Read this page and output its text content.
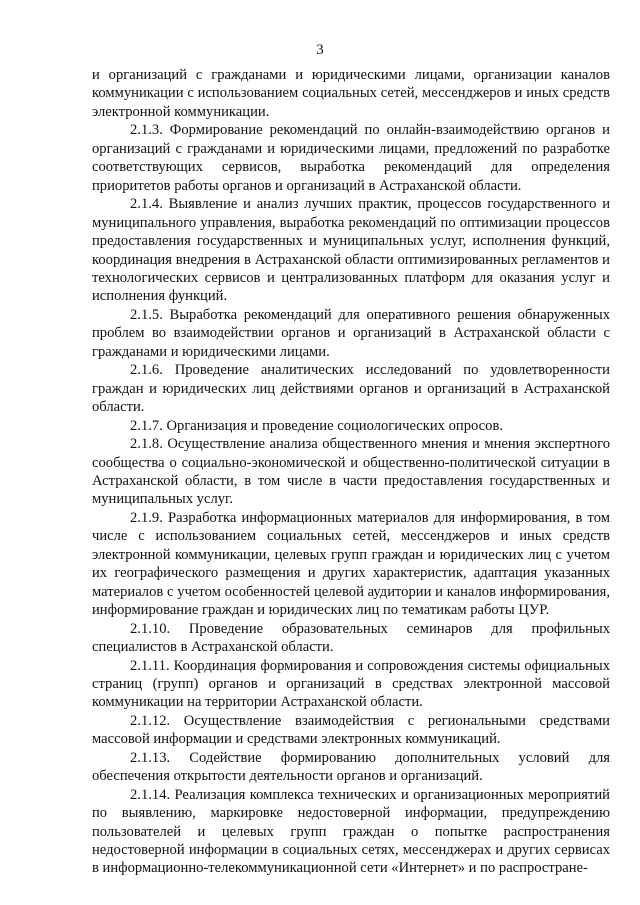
3

и организаций с гражданами и юридическими лицами, организации каналов коммуникации с использованием социальных сетей, мессенджеров и иных средств электронной коммуникации.

2.1.3. Формирование рекомендаций по онлайн-взаимодействию органов и организаций с гражданами и юридическими лицами, предложений по разработке соответствующих сервисов, выработка рекомендаций для определения приоритетов работы органов и организаций в Астраханской области.

2.1.4. Выявление и анализ лучших практик, процессов государственного и муниципального управления, выработка рекомендаций по оптимизации процессов предоставления государственных и муниципальных услуг, исполнения функций, координация внедрения в Астраханской области оптимизированных регламентов и технологических сервисов и централизованных платформ для оказания услуг и исполнения функций.

2.1.5. Выработка рекомендаций для оперативного решения обнаруженных проблем во взаимодействии органов и организаций в Астраханской области с гражданами и юридическими лицами.

2.1.6. Проведение аналитических исследований по удовлетворенности граждан и юридических лиц действиями органов и организаций в Астраханской области.

2.1.7. Организация и проведение социологических опросов.

2.1.8. Осуществление анализа общественного мнения и мнения экспертного сообщества о социально-экономической и общественно-политической ситуации в Астраханской области, в том числе в части предоставления государственных и муниципальных услуг.

2.1.9. Разработка информационных материалов для информирования, в том числе с использованием социальных сетей, мессенджеров и иных средств электронной коммуникации, целевых групп граждан и юридических лиц с учетом их географического размещения и других характеристик, адаптация указанных материалов с учетом особенностей целевой аудитории и каналов информирования, информирование граждан и юридических лиц по тематикам работы ЦУР.

2.1.10. Проведение образовательных семинаров для профильных специалистов в Астраханской области.

2.1.11. Координация формирования и сопровождения системы официальных страниц (групп) органов и организаций в средствах электронной массовой коммуникации на территории Астраханской области.

2.1.12. Осуществление взаимодействия с региональными средствами массовой информации и средствами электронных коммуникаций.

2.1.13. Содействие формированию дополнительных условий для обеспечения открытости деятельности органов и организаций.

2.1.14. Реализация комплекса технических и организационных мероприятий по выявлению, маркировке недостоверной информации, предупреждению пользователей и целевых групп граждан о попытке распространения недостоверной информации в социальных сетях, мессенджерах и других сервисах в информационно-телекоммуникационной сети «Интернет» и по распростране-
